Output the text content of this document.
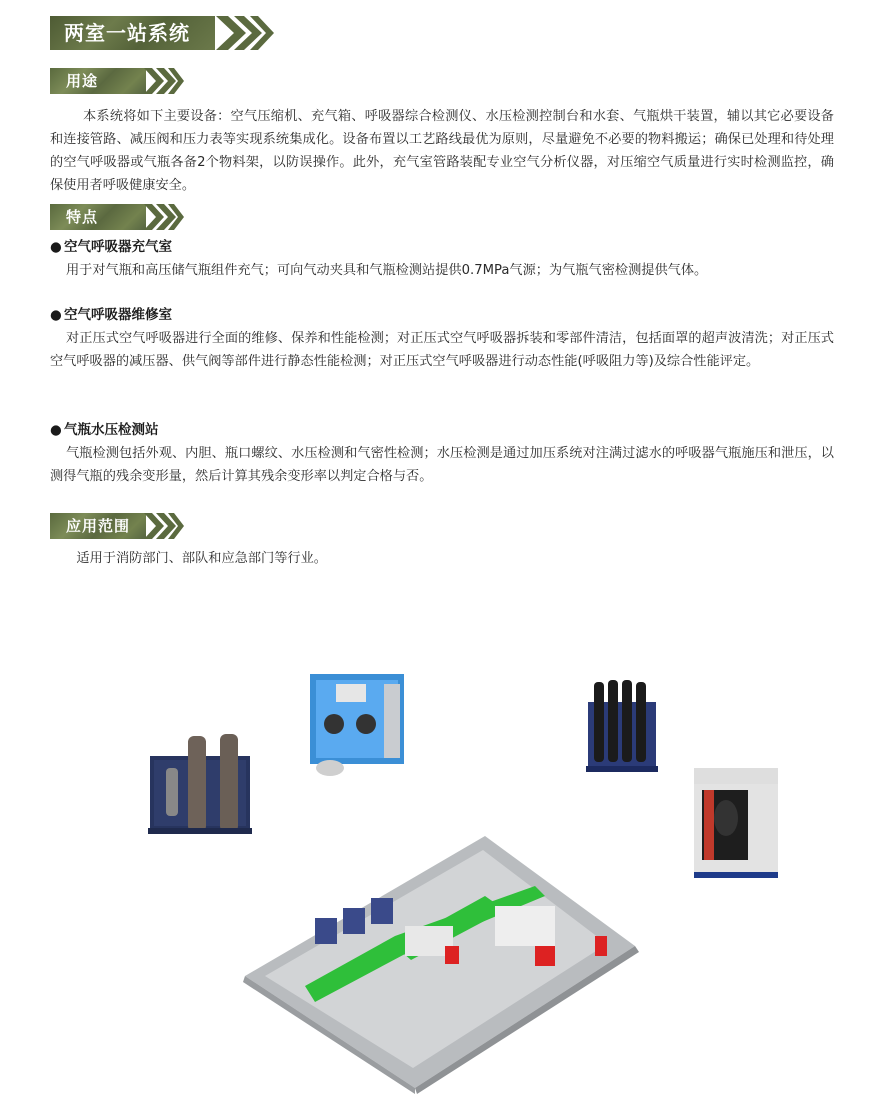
两室一站系统
用途
本系统将如下主要设备：空气压缩机、充气箱、呼吸器综合检测仪、水压检测控制台和水套、气瓶烘干装置，辅以其它必要设备和连接管路、减压阀和压力表等实现系统集成化。设备布置以工艺路线最优为原则，尽量避免不必要的物料搬运；确保已处理和待处理的空气呼吸器或气瓶各备2个物料架，以防误操作。此外，充气室管路装配专业空气分析仪器，对压缩空气质量进行实时检测监控，确保使用者呼吸健康安全。
特点
● 空气呼吸器充气室
用于对气瓶和高压储气瓶组件充气；可向气动夹具和气瓶检测站提供0.7MPa气源；为气瓶气密检测提供气体。
● 空气呼吸器维修室
对正压式空气呼吸器进行全面的维修、保养和性能检测；对正压式空气呼吸器拆装和零部件清洁，包括面罩的超声波清洗；对正压式空气呼吸器的减压器、供气阀等部件进行静态性能检测；对正压式空气呼吸器进行动态性能(呼吸阻力等)及综合性能评定。
● 气瓶水压检测站
气瓶检测包括外观、内胆、瓶口螺纹、水压检测和气密性检测；水压检测是通过加压系统对注满过滤水的呼吸器气瓶施压和泄压，以测得气瓶的残余变形量，然后计算其残余变形率以判定合格与否。
应用范围
适用于消防部门、部队和应急部门等行业。
